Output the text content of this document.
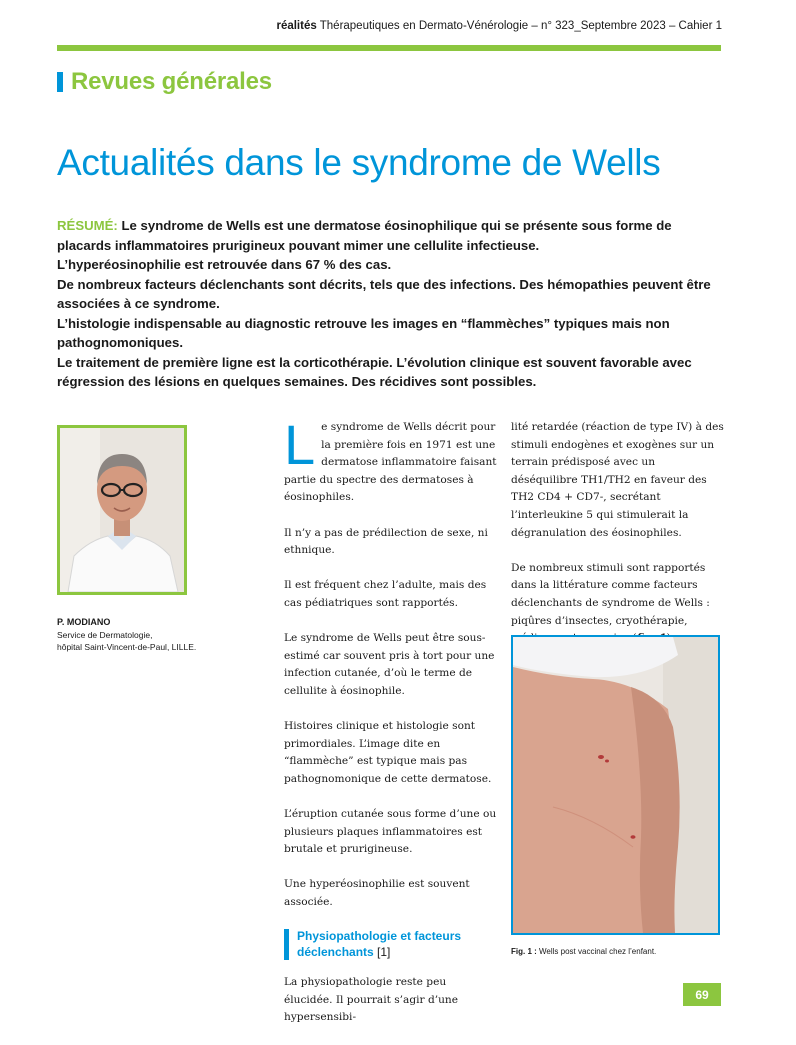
réalités Thérapeutiques en Dermato-Vénérologie – n° 323_Septembre 2023 – Cahier 1
Revues générales
Actualités dans le syndrome de Wells

RÉSUMÉ: Le syndrome de Wells est une dermatose éosinophilique qui se présente sous forme de placards inflammatoires prurigineux pouvant mimer une cellulite infectieuse.

L’hyperéosinophilie est retrouvée dans 67 % des cas.

De nombreux facteurs déclenchants sont décrits, tels que des infections. Des hémopathies peuvent être associées à ce syndrome.

L’histologie indispensable au diagnostic retrouve les images en “flammèches” typiques mais non pathognomoniques.

Le traitement de première ligne est la corticothérapie. L’évolution clinique est souvent favorable avec régression des lésions en quelques semaines. Des récidives sont possibles.

P. MODIANO

Service de Dermatologie,
hôpital Saint-Vincent-de-Paul, LILLE.

Le syndrome de Wells décrit pour la première fois en 1971 est une dermatose inflammatoire faisant partie du spectre des dermatoses à éosinophiles.

Il n’y a pas de prédilection de sexe, ni ethnique.

Il est fréquent chez l’adulte, mais des cas pédiatriques sont rapportés.

Le syndrome de Wells peut être sous-estimé car souvent pris à tort pour une infection cutanée, d’où le terme de cellulite à éosinophile.

Histoires clinique et histologie sont primordiales. L’image dite en “flammèche” est typique mais pas pathognomonique de cette dermatose.

L’éruption cutanée sous forme d’une ou plusieurs plaques inflammatoires est brutale et prurigineuse.

Une hyperéosinophilie est souvent associée.

Physiopathologie et facteurs déclenchants [1]

La physiopathologie reste peu élucidée. Il pourrait s’agir d’une hypersensibi-

lité retardée (réaction de type IV) à des stimuli endogènes et exogènes sur un terrain prédisposé avec un déséquilibre TH1/TH2 en faveur des TH2 CD4 + CD7-, secrétant l’interleukine 5 qui stimulerait la dégranulation des éosinophiles.

De nombreux stimuli sont rapportés dans la littérature comme facteurs déclenchants de syndrome de Wells : piqûres d’insectes, cryothérapie,

Fig. 1 : Wells post vaccinal chez l’enfant.

69
